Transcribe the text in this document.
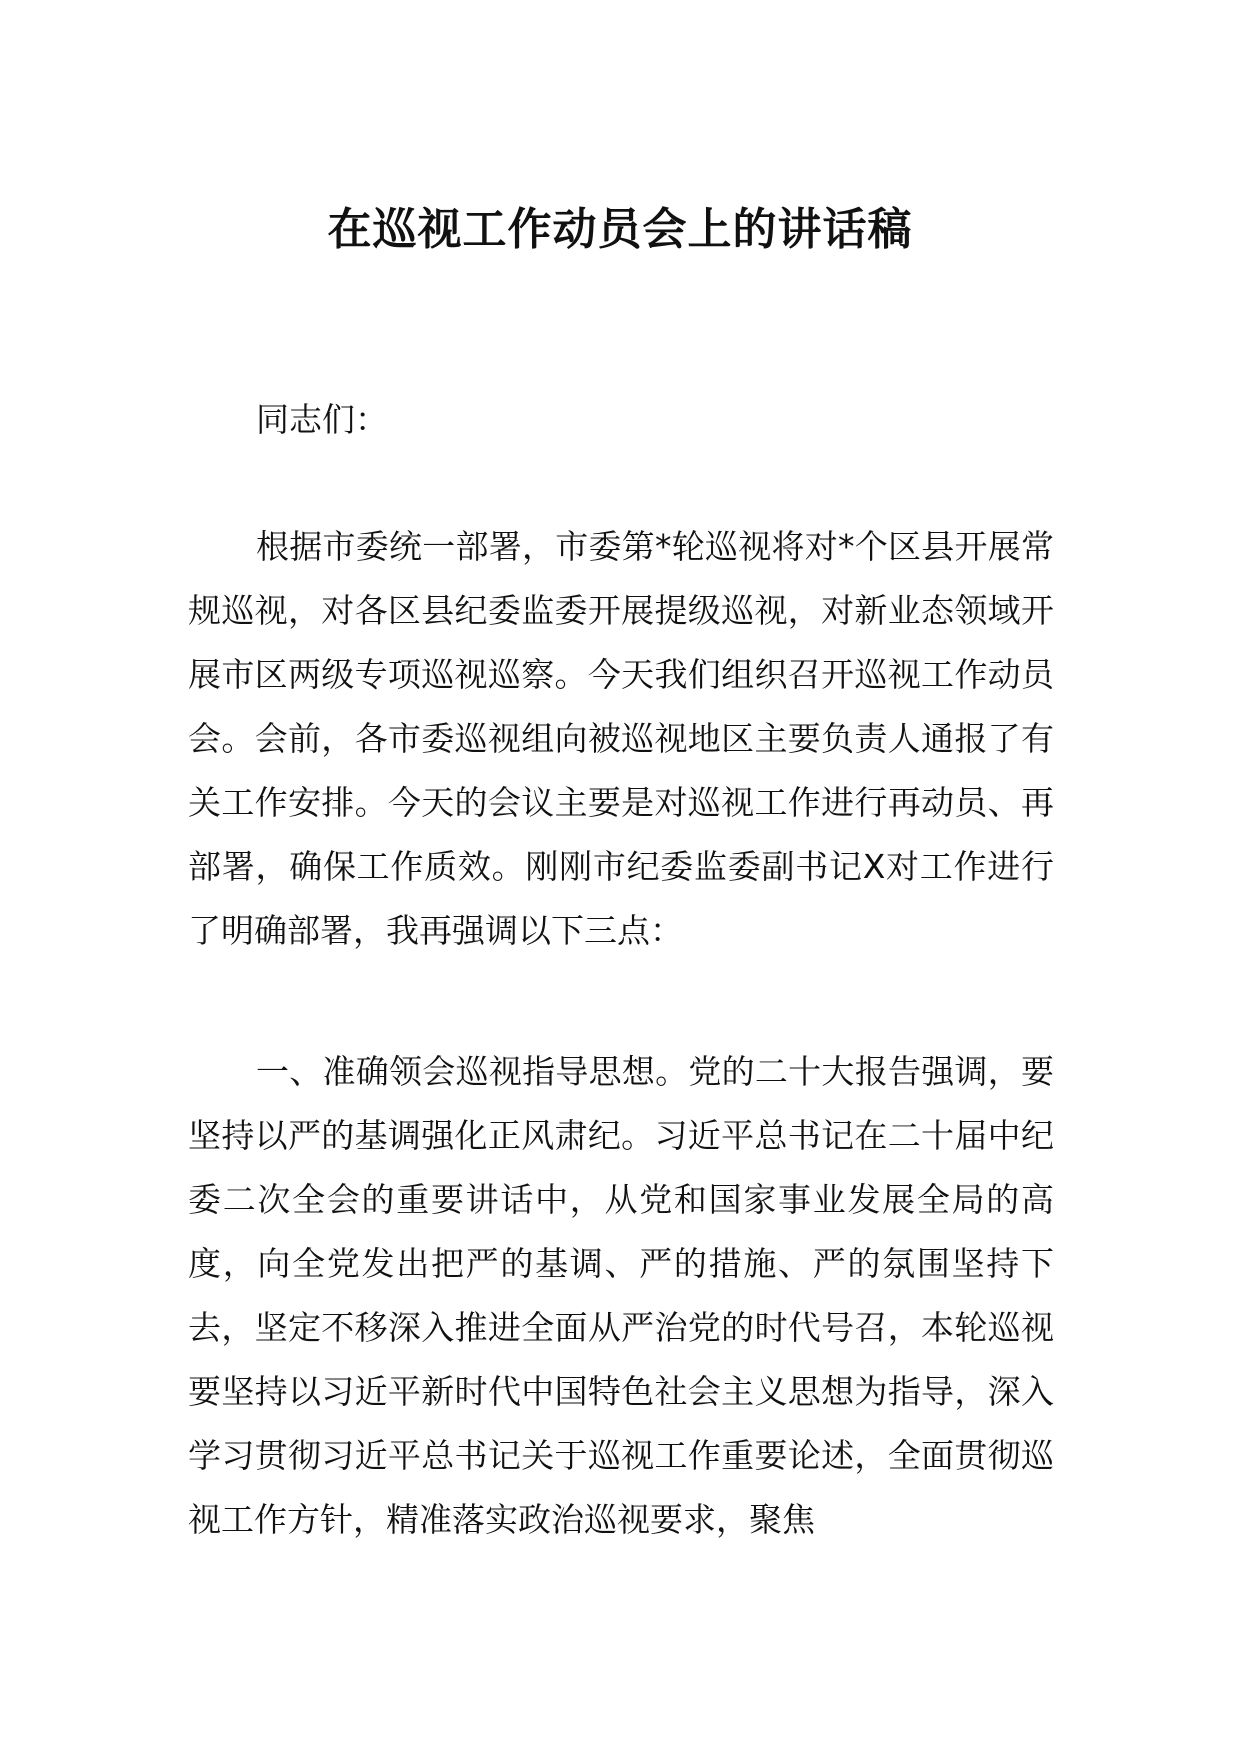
在巡视工作动员会上的讲话稿

同志们：

根据市委统一部署，市委第*轮巡视将对*个区县开展常规巡视，对各区县纪委监委开展提级巡视，对新业态领域开展市区两级专项巡视巡察。今天我们组织召开巡视工作动员会。会前，各市委巡视组向被巡视地区主要负责人通报了有关工作安排。今天的会议主要是对巡视工作进行再动员、再部署，确保工作质效。刚刚市纪委监委副书记X对工作进行了明确部署，我再强调以下三点：

一、准确领会巡视指导思想。党的二十大报告强调，要坚持以严的基调强化正风肃纪。习近平总书记在二十届中纪委二次全会的重要讲话中，从党和国家事业发展全局的高度，向全党发出把严的基调、严的措施、严的氛围坚持下去，坚定不移深入推进全面从严治党的时代号召，本轮巡视要坚持以习近平新时代中国特色社会主义思想为指导，深入学习贯彻习近平总书记关于巡视工作重要论述，全面贯彻巡视工作方针，精准落实政治巡视要求，聚焦
